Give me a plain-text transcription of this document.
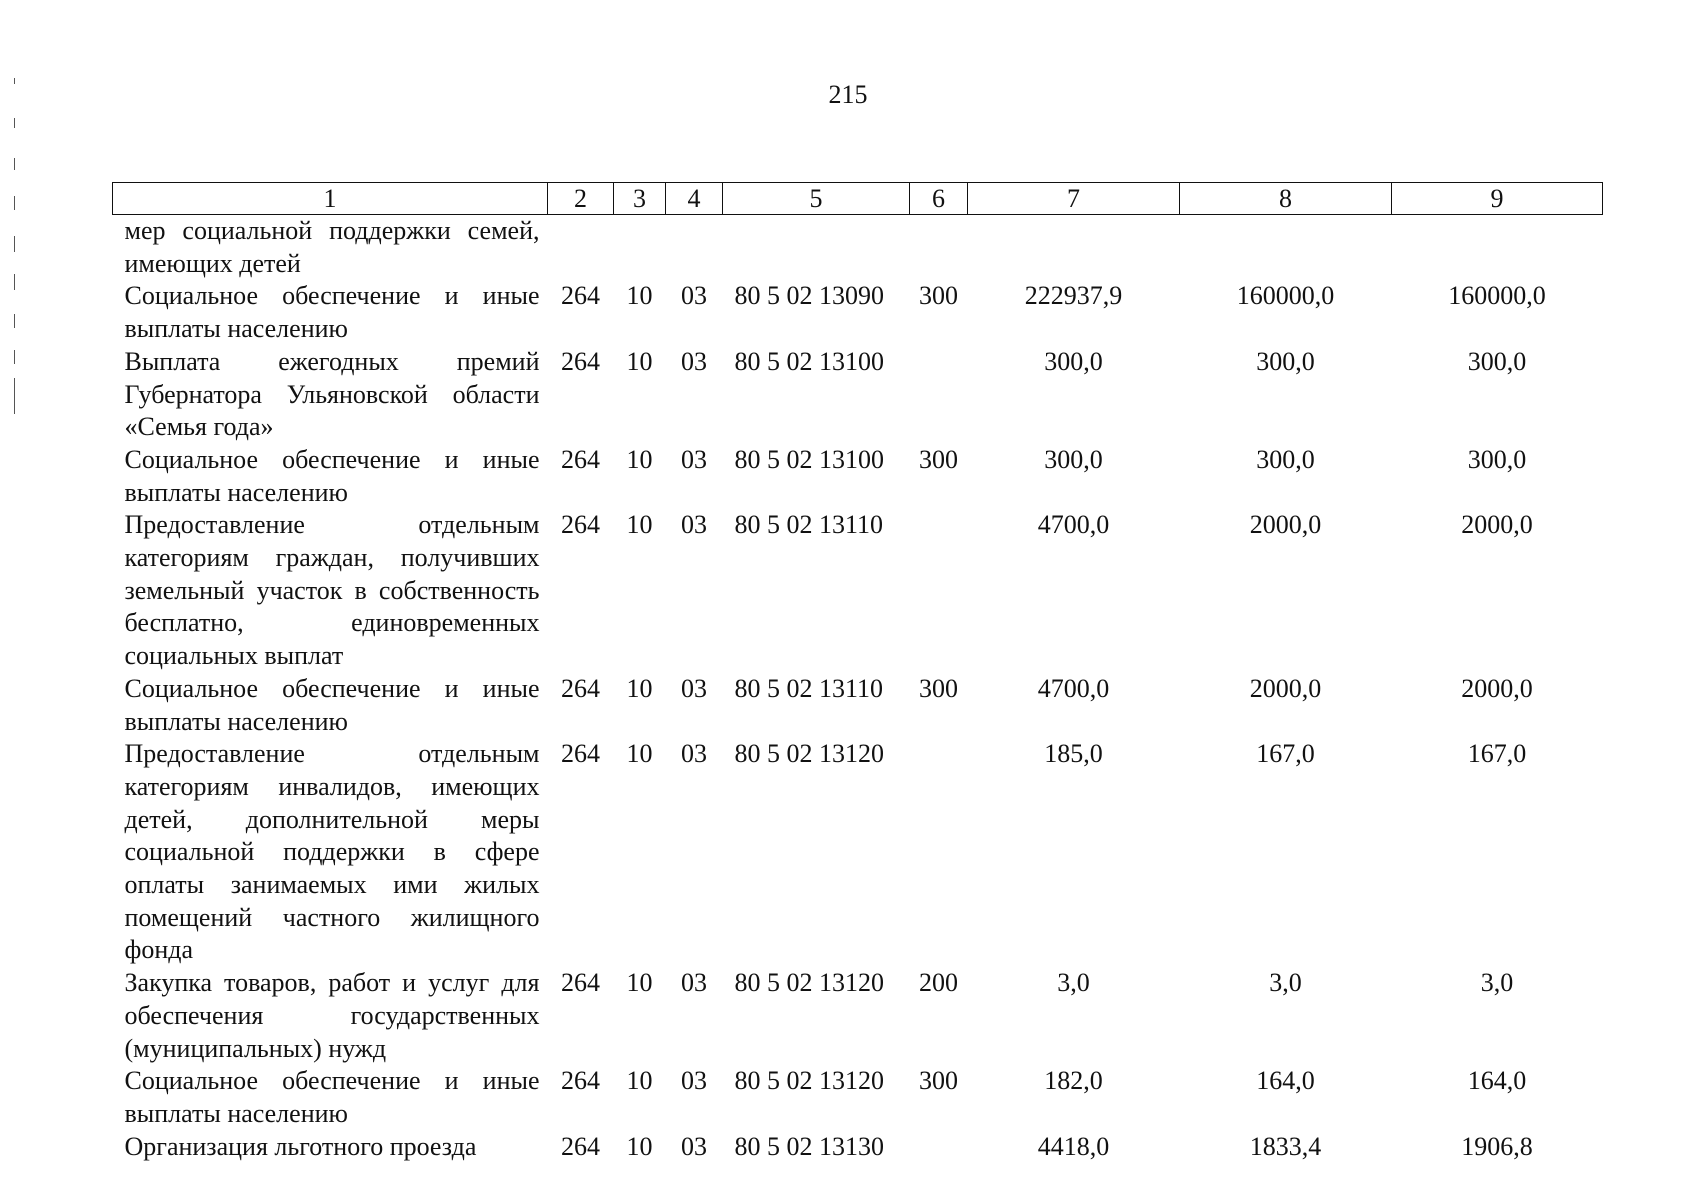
215
1	2	3	4	5	6	7	8	9
мер социальной поддержки семей, имеющих детей								
Социальное обеспечение и иные выплаты населению	264	10	03	80 5 02 13090	300	222937,9	160000,0	160000,0
Выплата ежегодных премий Губернатора Ульяновской области «Семья года»	264	10	03	80 5 02 13100		300,0	300,0	300,0
Социальное обеспечение и иные выплаты населению	264	10	03	80 5 02 13100	300	300,0	300,0	300,0
Предоставление отдельным категориям граждан, получивших земельный участок в собственность бесплатно, единовременных социальных выплат	264	10	03	80 5 02 13110		4700,0	2000,0	2000,0
Социальное обеспечение и иные выплаты населению	264	10	03	80 5 02 13110	300	4700,0	2000,0	2000,0
Предоставление отдельным категориям инвалидов, имеющих детей, дополнительной меры социальной поддержки в сфере оплаты занимаемых ими жилых помещений частного жилищного фонда	264	10	03	80 5 02 13120		185,0	167,0	167,0
Закупка товаров, работ и услуг для обеспечения государственных (муниципальных) нужд	264	10	03	80 5 02 13120	200	3,0	3,0	3,0
Социальное обеспечение и иные выплаты населению	264	10	03	80 5 02 13120	300	182,0	164,0	164,0
Организация льготного проезда	264	10	03	80 5 02 13130		4418,0	1833,4	1906,8
